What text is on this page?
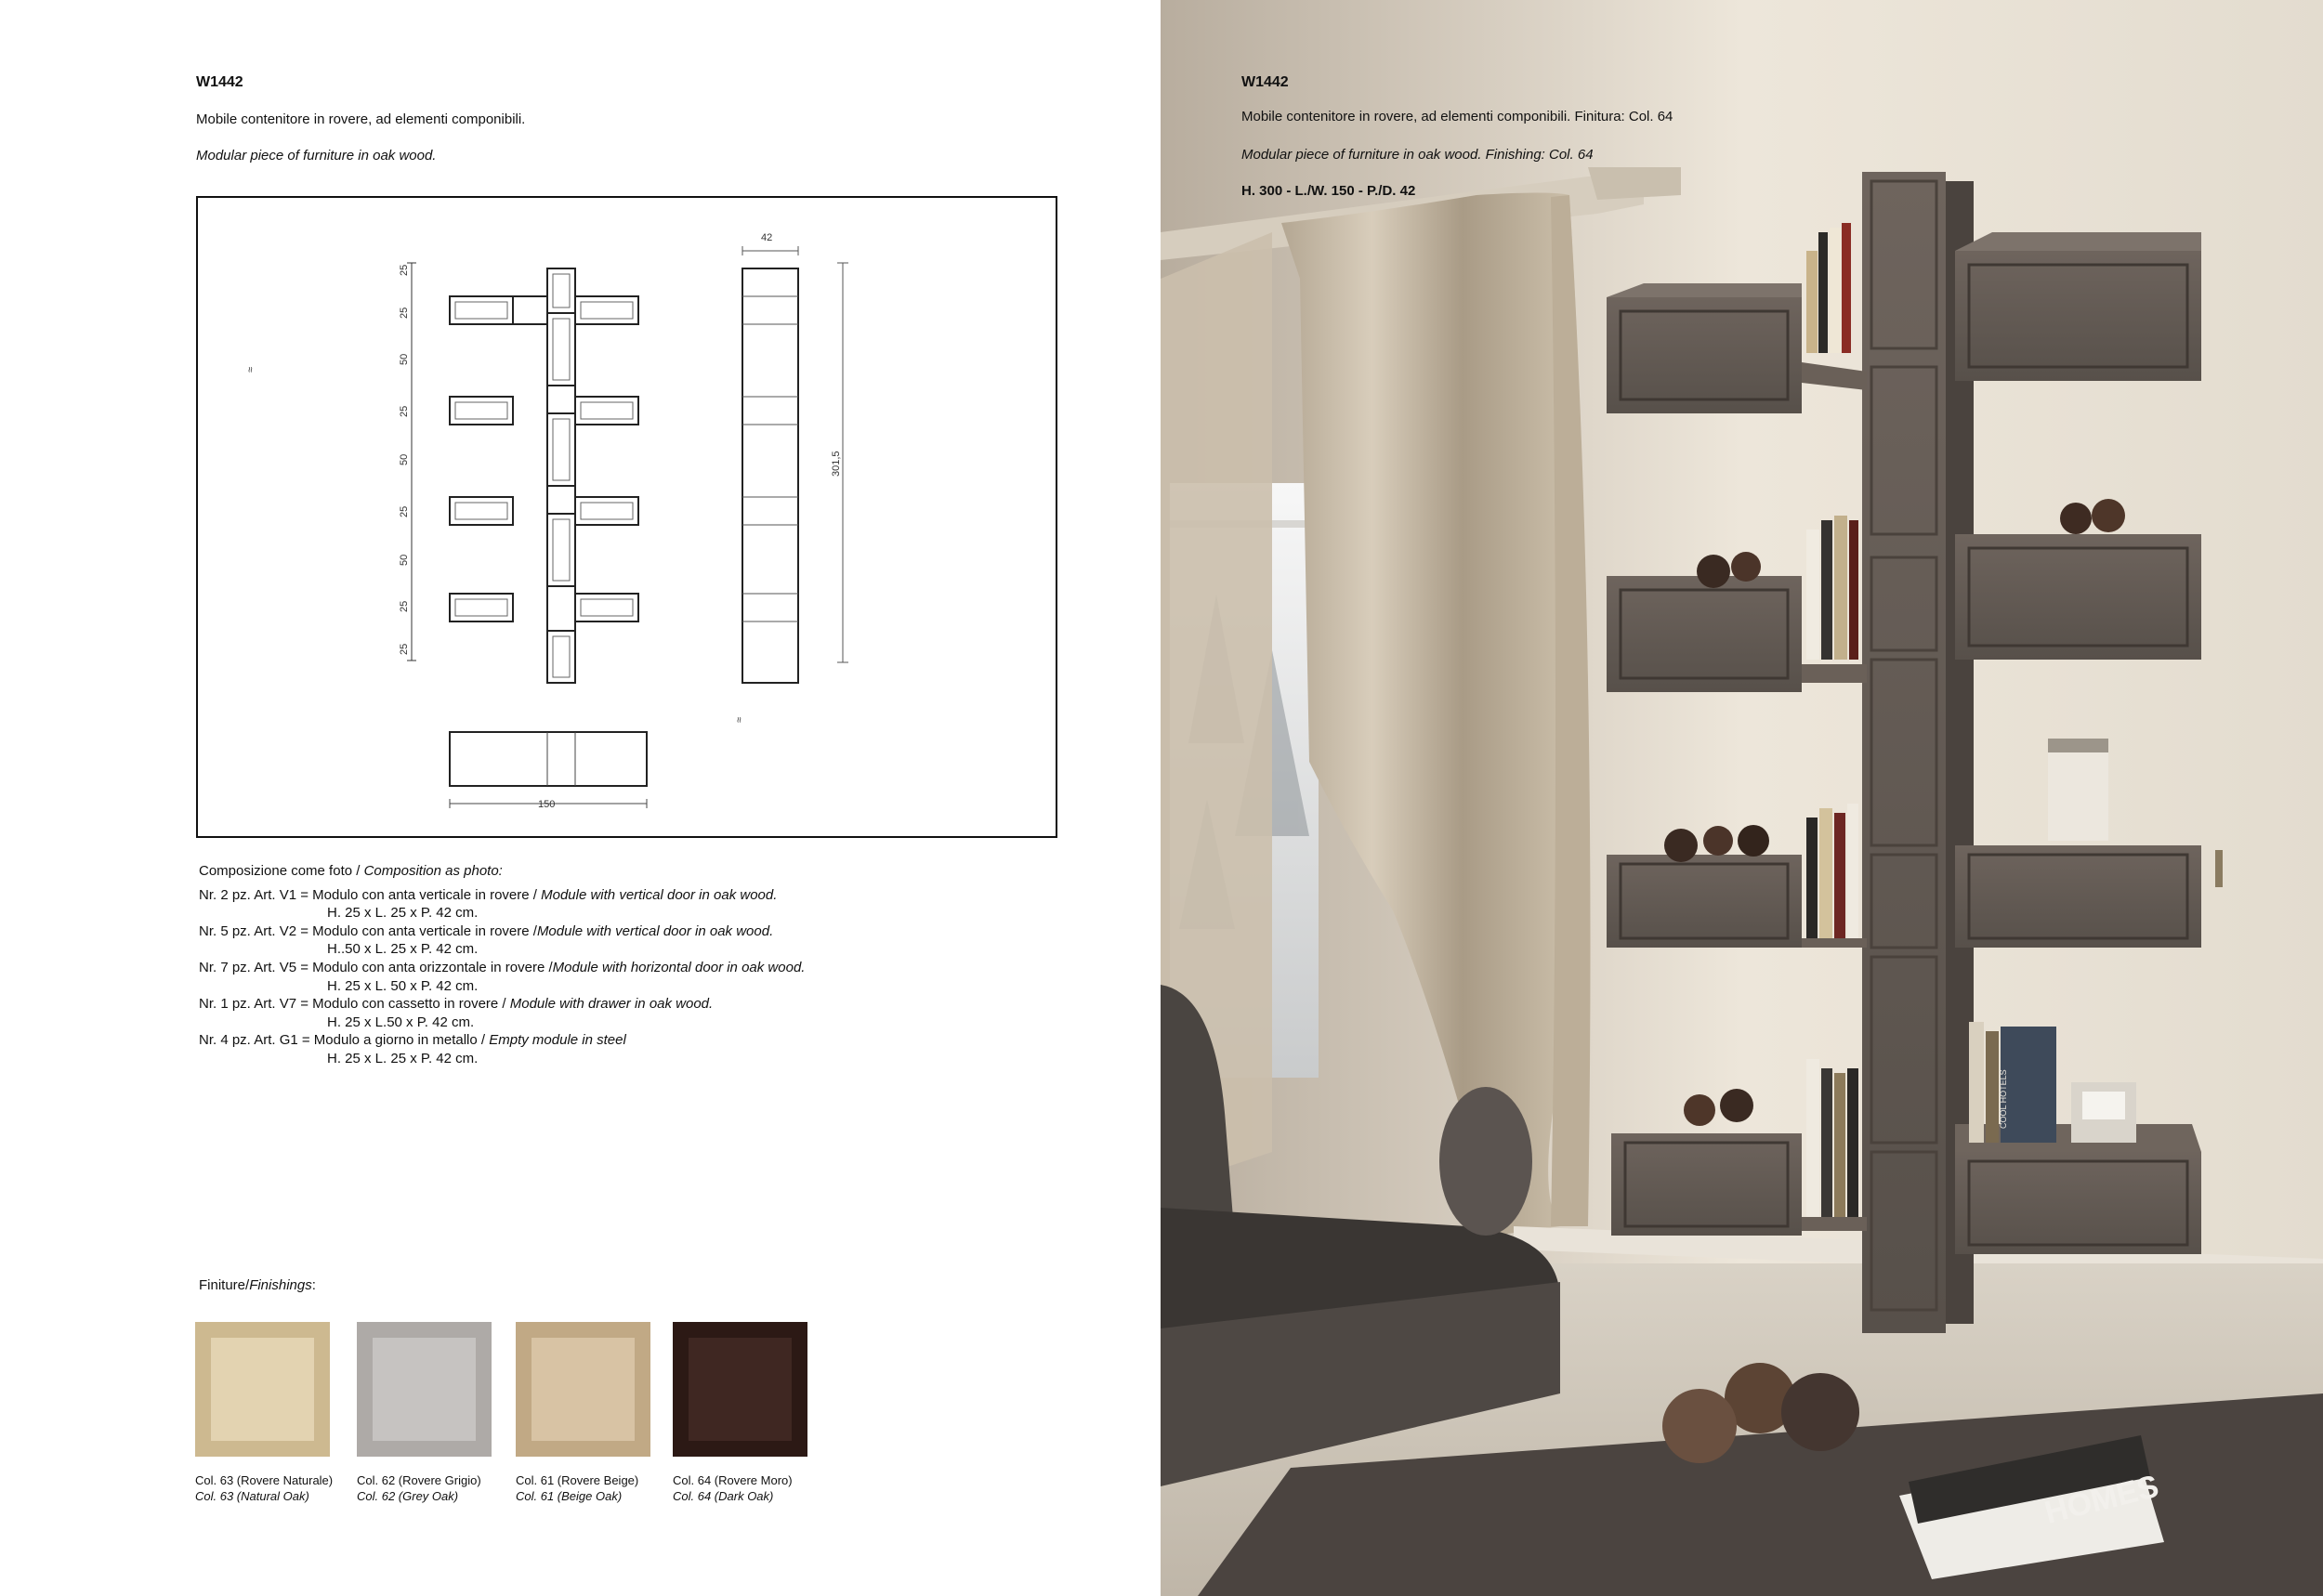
W1442
Mobile contenitore in rovere, ad elementi componibili.
Modular piece of furniture in oak wood.
25
25
50
25
50
25
50
25
25
≈
≈
42
301,5
150
Composizione come foto / Composition as photo:
Nr. 2 pz. Art. V1 = Modulo con anta verticale in rovere / Module with vertical door in oak wood.
H. 25 x L. 25 x P. 42 cm.
Nr. 5 pz. Art. V2 = Modulo con anta verticale in rovere /Module with vertical door in oak wood.
H..50 x L. 25 x P. 42 cm.
Nr. 7 pz. Art. V5 = Modulo con anta orizzontale in rovere /Module with horizontal door in oak wood.
H. 25 x L. 50 x P. 42 cm.
Nr. 1 pz. Art. V7 = Modulo con cassetto in rovere / Module with drawer in oak wood.
H. 25 x L.50 x P. 42 cm.
Nr. 4 pz. Art. G1 = Modulo a giorno in metallo / Empty module in steel
H. 25 x L. 25 x P. 42 cm.
Finiture/Finishings:
Col. 63 (Rovere Naturale)
Col. 63 (Natural Oak)
Col. 62 (Rovere Grigio)
Col. 62 (Grey Oak)
Col. 61 (Rovere Beige)
Col. 61 (Beige Oak)
Col. 64 (Rovere Moro)
Col. 64 (Dark Oak)	HOMES
COOL HOTELS
W1442
Mobile contenitore in rovere, ad elementi componibili. Finitura: Col. 64
Modular piece of furniture in oak wood. Finishing: Col. 64
H. 300 - L./W. 150 - P./D. 42
